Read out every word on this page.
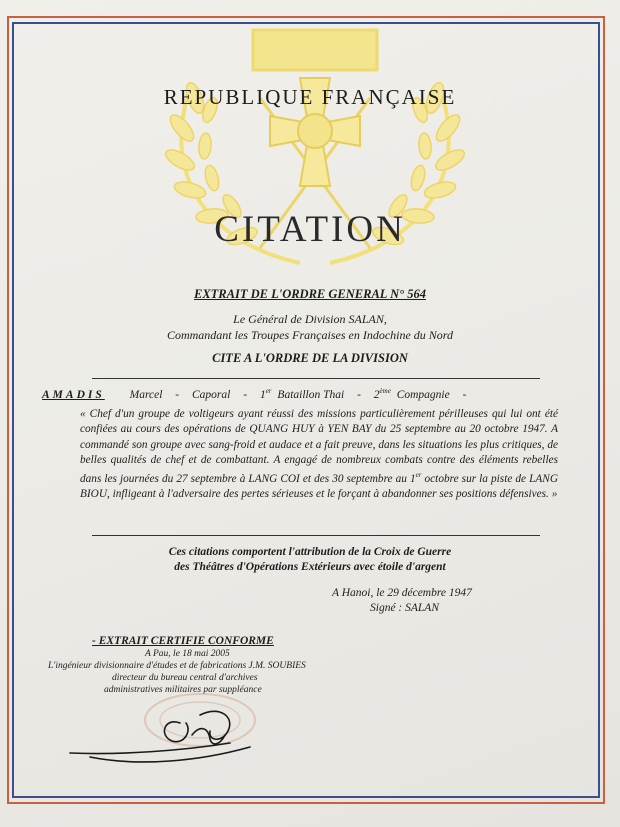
REPUBLIQUE FRANÇAISE
CITATION
EXTRAIT DE L'ORDRE GENERAL N° 564
Le Général de Division SALAN,
Commandant les Troupes Françaises en Indochine du Nord
CITE A L'ORDRE DE LA DIVISION
AMADIS Marcel - Caporal - 1er Bataillon Thai - 2ème Compagnie -
« Chef d'un groupe de voltigeurs ayant réussi des missions particulièrement périlleuses qui lui ont été confiées au cours des opérations de QUANG HUY à YEN BAY du 25 septembre au 20 octobre 1947. A commandé son groupe avec sang-froid et audace et a fait preuve, dans les situations les plus critiques, de belles qualités de chef et de combattant. A engagé de nombreux combats contre des éléments rebelles dans les journées du 27 septembre à LANG COI et des 30 septembre au 1er octobre sur la piste de LANG BIOU, infligeant à l'adversaire des pertes sérieuses et le forçant à abandonner ses positions défensives. »
Ces citations comportent l'attribution de la Croix de Guerre
des Théâtres d'Opérations Extérieurs avec étoile d'argent
A Hanoi, le 29 décembre 1947
Signé : SALAN
- EXTRAIT CERTIFIE CONFORME
A Pau, le 18 mai 2005
L'ingénieur divisionnaire d'études et de fabrications J.M. SOUBIES
directeur du bureau central d'archives
administratives militaires par suppléance
